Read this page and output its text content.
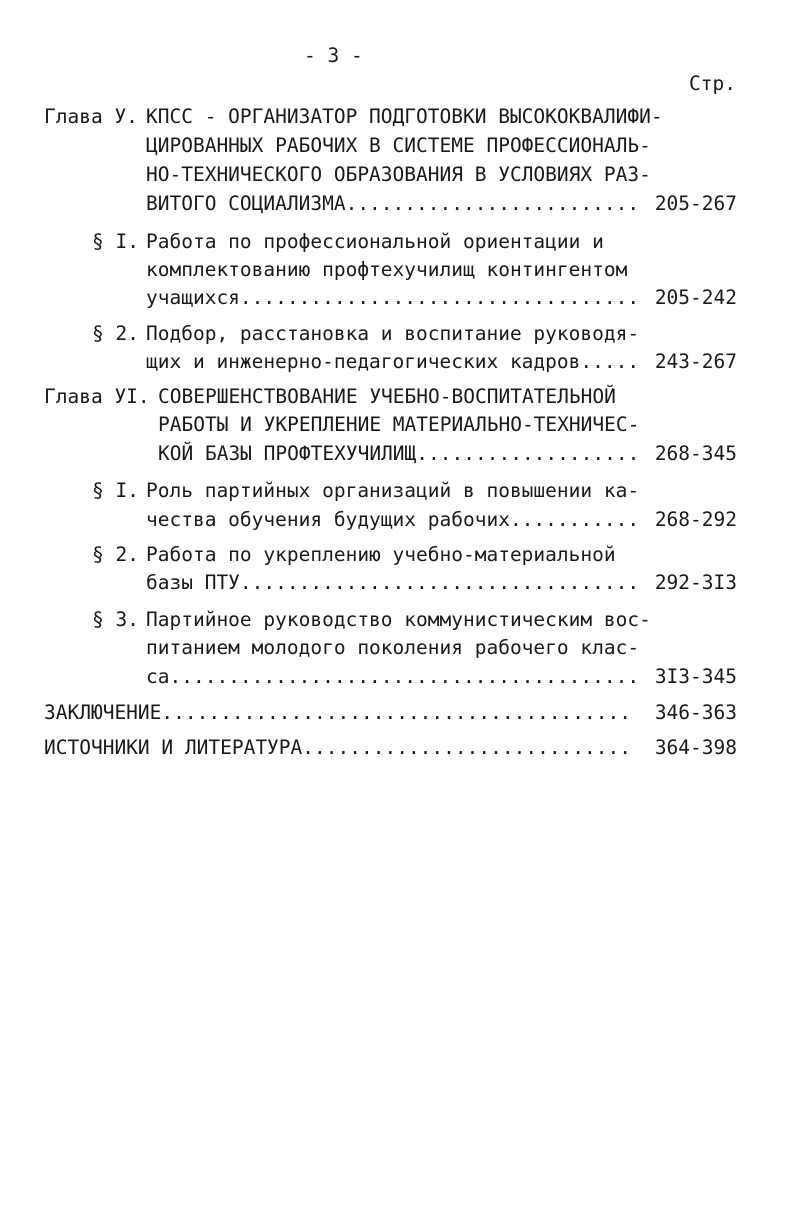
- 3 -
Стр.
Глава У. КПСС - ОРГАНИЗАТОР ПОДГОТОВКИ ВЫСОКОКВАЛИФИ-
ЦИРОВАННЫХ РАБОЧИХ В СИСТЕМЕ ПРОФЕССИОНАЛЬ-
НО-ТЕХНИЧЕСКОГО ОБРАЗОВАНИЯ В УСЛОВИЯХ РАЗ-
ВИТОГО СОЦИАЛИЗМА......................... 205-267
§ I. Работа по профессиональной ориентации и
комплектованию профтехучилищ контингентом
учащихся.................................. 205-242
§ 2. Подбор, расстановка и воспитание руководя-
щих и инженерно-педагогических кадров..... 243-267
Глава УI. СОВЕРШЕНСТВОВАНИЕ УЧЕБНО-ВОСПИТАТЕЛЬНОЙ
РАБОТЫ И УКРЕПЛЕНИЕ МАТЕРИАЛЬНО-ТЕХНИЧЕС-
КОЙ БАЗЫ ПРОФТЕХУЧИЛИЩ................... 268-345
§ I. Роль партийных организаций в повышении ка-
чества обучения будущих рабочих........... 268-292
§ 2. Работа по укреплению учебно-материальной
базы ПТУ.................................. 292-3I3
§ 3. Партийное руководство коммунистическим вос-
питанием молодого поколения рабочего клас-
са........................................ 3I3-345
ЗАКЛЮЧЕНИЕ........................................ 346-363
ИСТОЧНИКИ И ЛИТЕРАТУРА............................ 364-398
